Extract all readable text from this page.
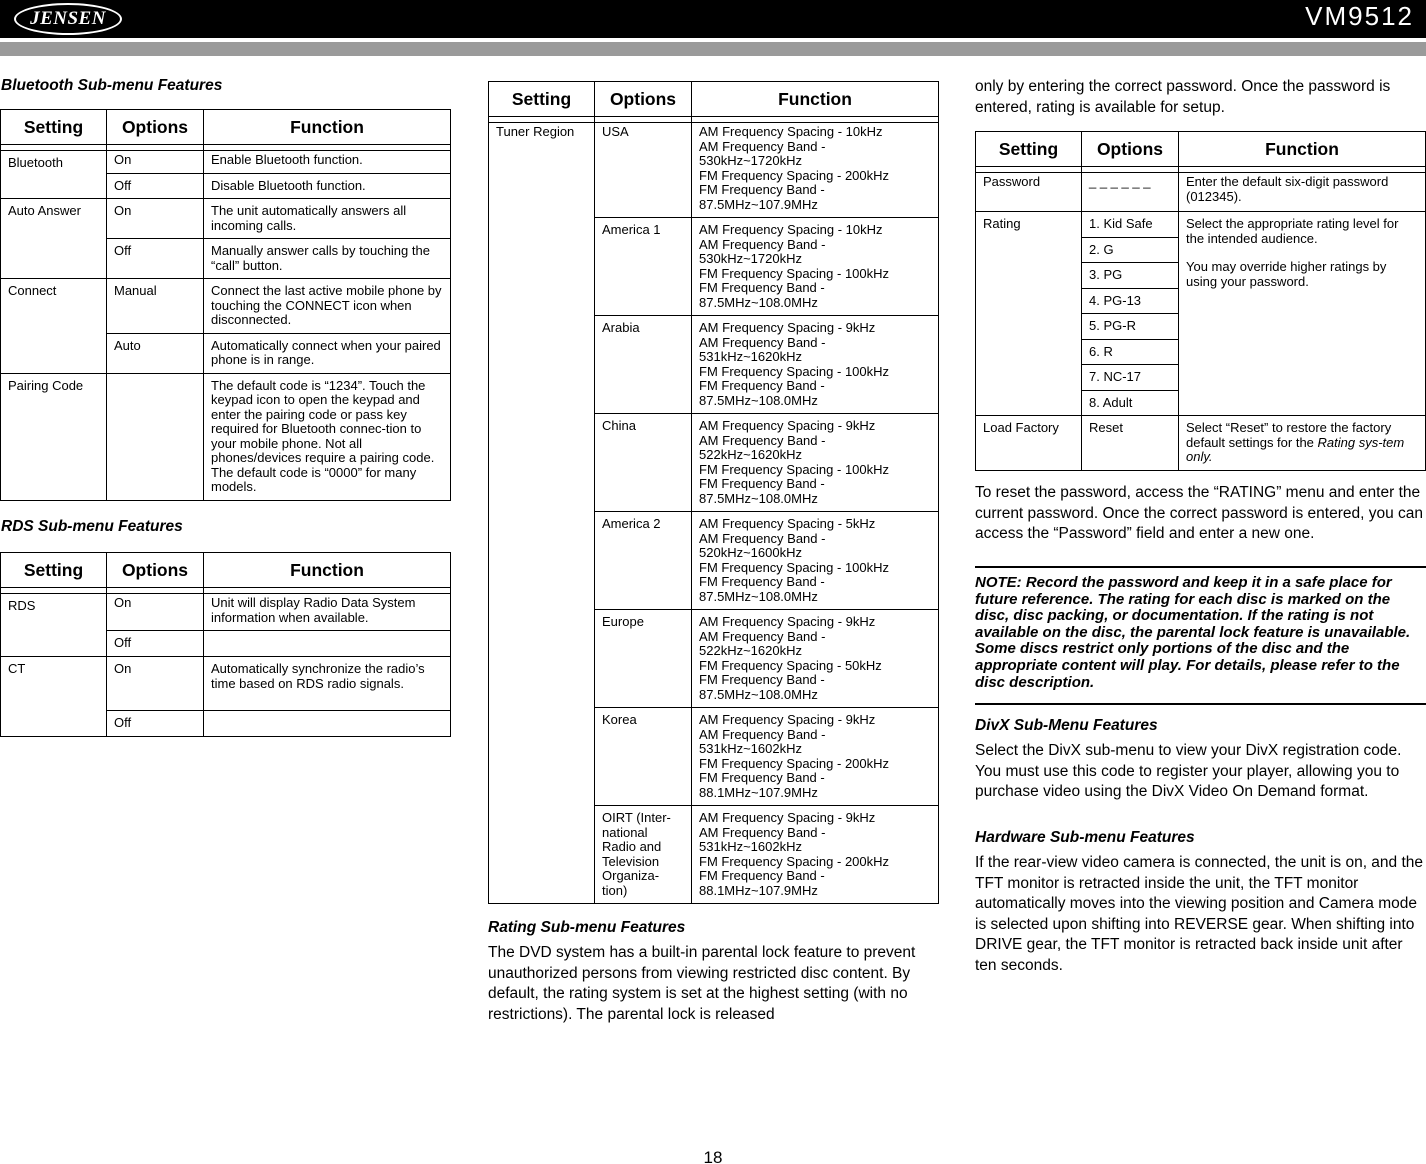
JENSEN	VM9512
Bluetooth Sub-menu Features
Setting	Options	Function

Bluetooth	On	Enable Bluetooth function.
	Off	Disable Bluetooth function.
Auto Answer	On	The unit automatically answers all incoming calls.
	Off	Manually answer calls by touching the “call” button.
Connect	Manual	Connect the last active mobile phone by touching the CONNECT icon when disconnected.
	Auto	Automatically connect when your paired phone is in range.
Pairing Code		The default code is “1234”. Touch the keypad icon to open the keypad and enter the pairing code or pass key required for Bluetooth connec-tion to your mobile phone. Not all phones/devices require a pairing code. The default code is “0000” for many models.
RDS Sub-menu Features
Setting	Options	Function

RDS	On	Unit will display Radio Data System information when available.
	Off	
CT	On	Automatically synchronize the radio’s time based on RDS radio signals.
	Off	
Setting	Options	Function

Tuner Region	USA	AM Frequency Spacing - 10kHz
AM Frequency Band - 530kHz~1720kHz
FM Frequency Spacing - 200kHz
FM Frequency Band - 87.5MHz~107.9MHz
	America 1	AM Frequency Spacing - 10kHz
AM Frequency Band - 530kHz~1720kHz
FM Frequency Spacing - 100kHz
FM Frequency Band - 87.5MHz~108.0MHz
	Arabia	AM Frequency Spacing - 9kHz
AM Frequency Band - 531kHz~1620kHz
FM Frequency Spacing - 100kHz
FM Frequency Band - 87.5MHz~108.0MHz
	China	AM Frequency Spacing - 9kHz
AM Frequency Band - 522kHz~1620kHz
FM Frequency Spacing - 100kHz
FM Frequency Band - 87.5MHz~108.0MHz
	America 2	AM Frequency Spacing - 5kHz
AM Frequency Band - 520kHz~1600kHz
FM Frequency Spacing - 100kHz
FM Frequency Band - 87.5MHz~108.0MHz
	Europe	AM Frequency Spacing - 9kHz
AM Frequency Band - 522kHz~1620kHz
FM Frequency Spacing - 50kHz
FM Frequency Band - 87.5MHz~108.0MHz
	Korea	AM Frequency Spacing - 9kHz
AM Frequency Band - 531kHz~1602kHz
FM Frequency Spacing - 200kHz
FM Frequency Band - 88.1MHz~107.9MHz
	OIRT (Inter-national Radio and Television Organiza-tion)	AM Frequency Spacing - 9kHz
AM Frequency Band - 531kHz~1602kHz
FM Frequency Spacing - 200kHz
FM Frequency Band - 88.1MHz~107.9MHz
Rating Sub-menu Features
The DVD system has a built-in parental lock feature to prevent unauthorized persons from viewing restricted disc content. By default, the rating system is set at the highest setting (with no restrictions). The parental lock is released
only by entering the correct password. Once the password is entered, rating is available for setup.
Setting	Options	Function

Password	_ _ _ _ _ _	Enter the default six-digit password (012345).
Rating	1. Kid Safe	Select the appropriate rating level for the intended audience.
You may override higher ratings by using your password.

	2. G	
	3. PG	
	4. PG-13	
	5. PG-R	
	6. R	
	7. NC-17	
	8. Adult	
Load Factory	Reset	Select “Reset” to restore the factory default settings for the Rating sys-tem only.
To reset the password, access the “RATING” menu and enter the current password. Once the correct password is entered, you can access the “Password” field and enter a new one.
NOTE: Record the password and keep it in a safe place for future reference. The rating for each disc is marked on the disc, disc packing, or documentation. If the rating is not available on the disc, the parental lock feature is unavailable. Some discs restrict only portions of the disc and the appropriate content will play. For details, please refer to the disc description.
DivX Sub-Menu Features
Select the DivX sub-menu to view your DivX registration code. You must use this code to register your player, allowing you to purchase video using the DivX Video On Demand format.
Hardware Sub-menu Features
If the rear-view video camera is connected, the unit is on, and the TFT monitor is retracted inside the unit, the TFT monitor automatically moves into the viewing position and Camera mode is selected upon shifting into REVERSE gear. When shifting into DRIVE gear, the TFT monitor is retracted back inside unit after ten seconds.
18
